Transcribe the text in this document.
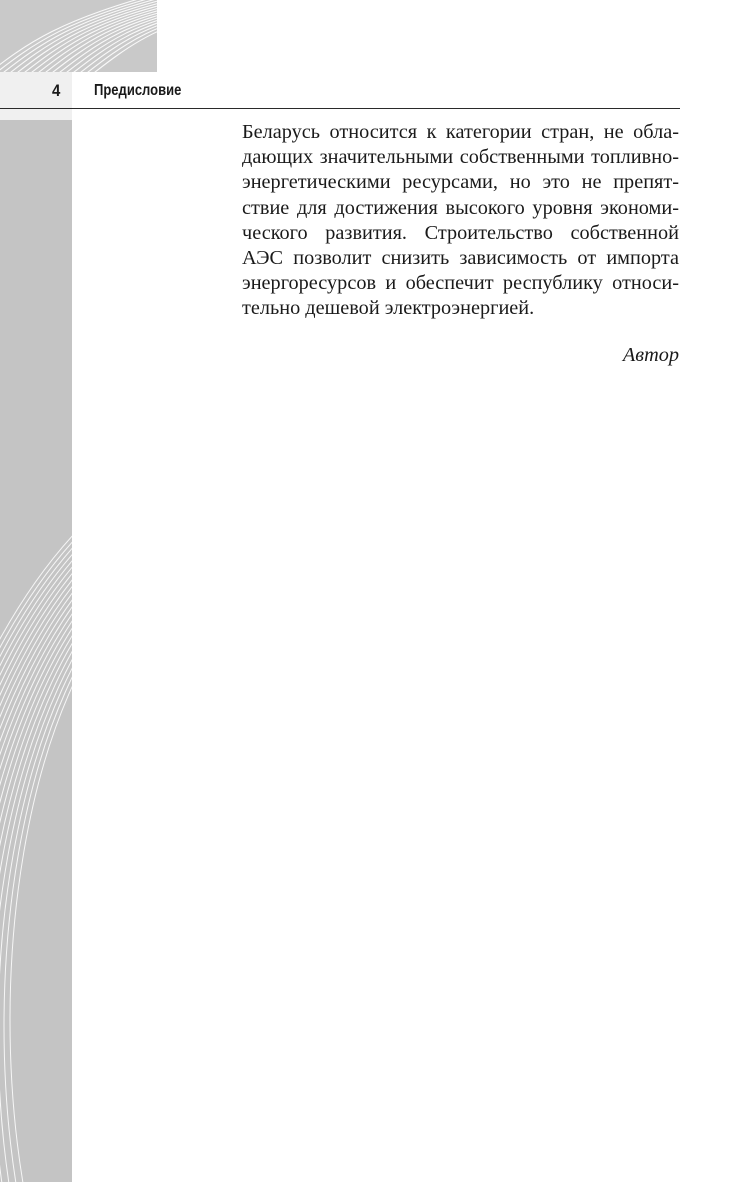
4 Предисловие

Беларусь относится к категории стран, не обла-
дающих значительными собственными топливно-
энергетическими ресурсами, но это не препят-
ствие для достижения высокого уровня экономи-
ческого развития. Строительство собственной
АЭС позволит снизить зависимость от импорта
энергоресурсов и обеспечит республику относи-
тельно дешевой электроэнергией.

Автор
